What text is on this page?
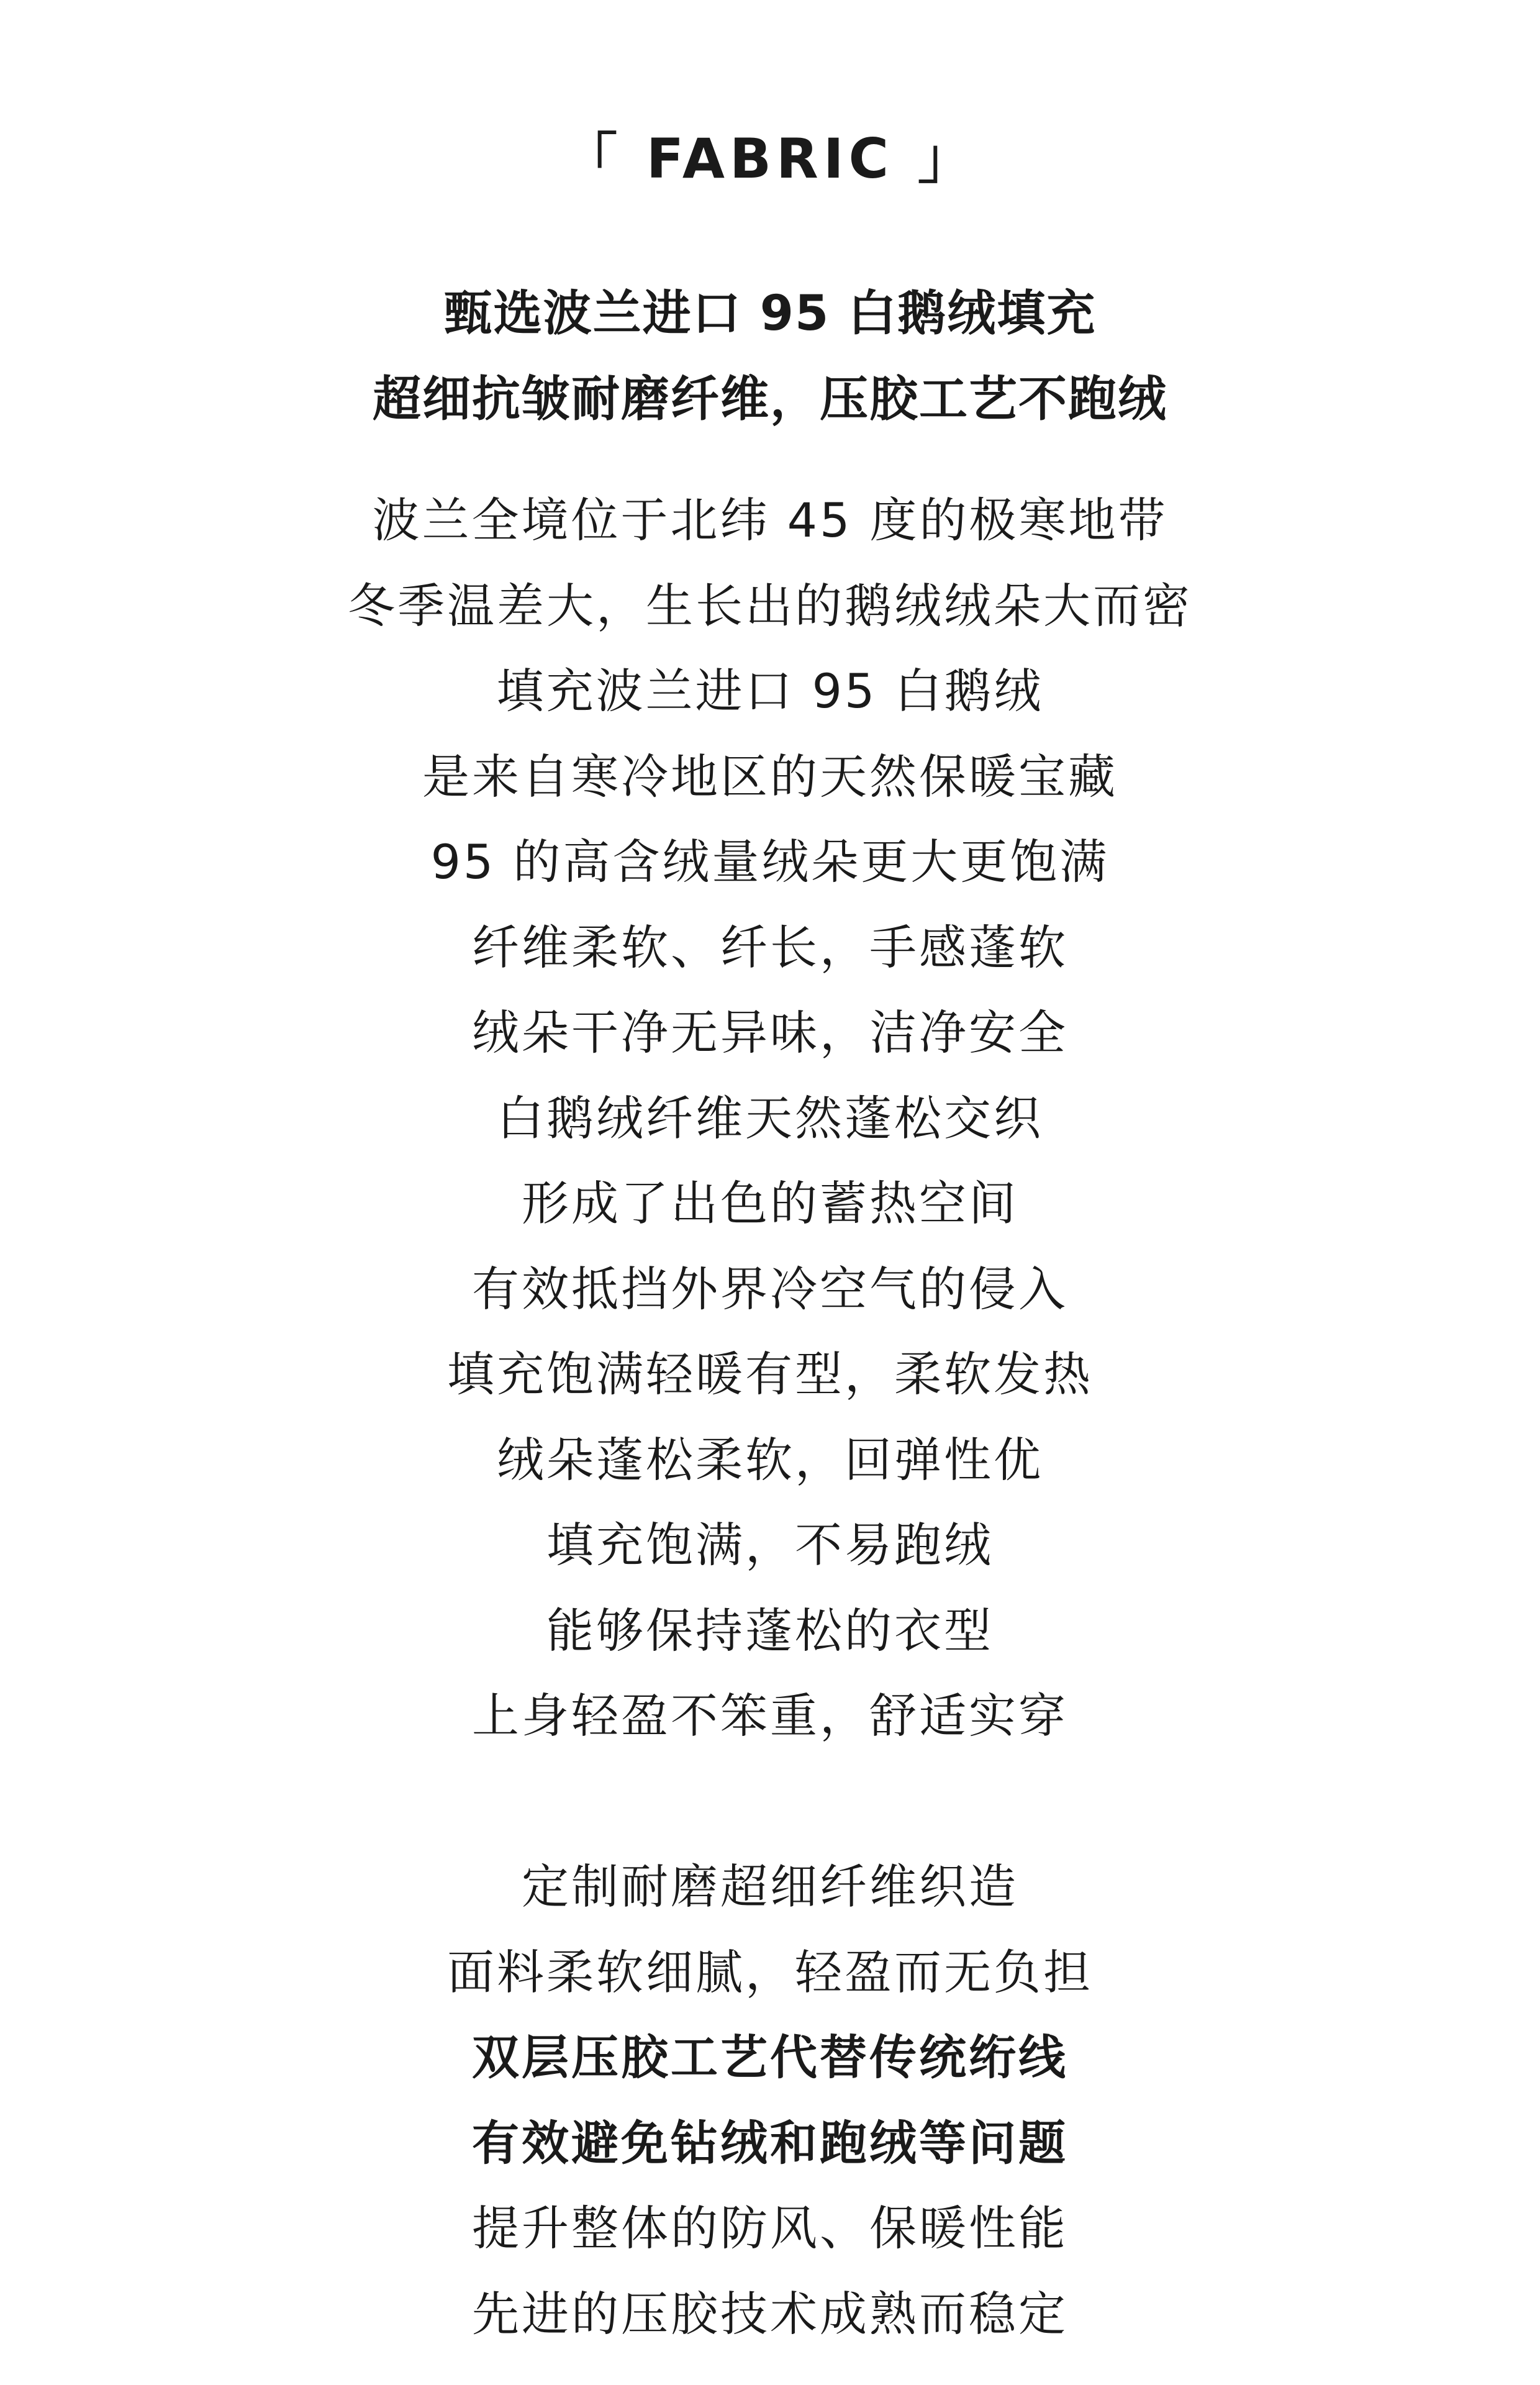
「 FABRIC 」
甄选波兰进口 95 白鹅绒填充
超细抗皱耐磨纤维，压胶工艺不跑绒
波兰全境位于北纬 45 度的极寒地带
冬季温差大，生长出的鹅绒绒朵大而密
填充波兰进口 95 白鹅绒
是来自寒冷地区的天然保暖宝藏
95 的高含绒量绒朵更大更饱满
纤维柔软、纤长，手感蓬软
绒朵干净无异味，洁净安全
白鹅绒纤维天然蓬松交织
形成了出色的蓄热空间
有效抵挡外界冷空气的侵入
填充饱满轻暖有型，柔软发热
绒朵蓬松柔软，回弹性优
填充饱满，不易跑绒
能够保持蓬松的衣型
上身轻盈不笨重，舒适实穿
定制耐磨超细纤维织造
面料柔软细腻，轻盈而无负担
双层压胶工艺代替传统绗线
有效避免钻绒和跑绒等问题
提升整体的防风、保暖性能
先进的压胶技术成熟而稳定
